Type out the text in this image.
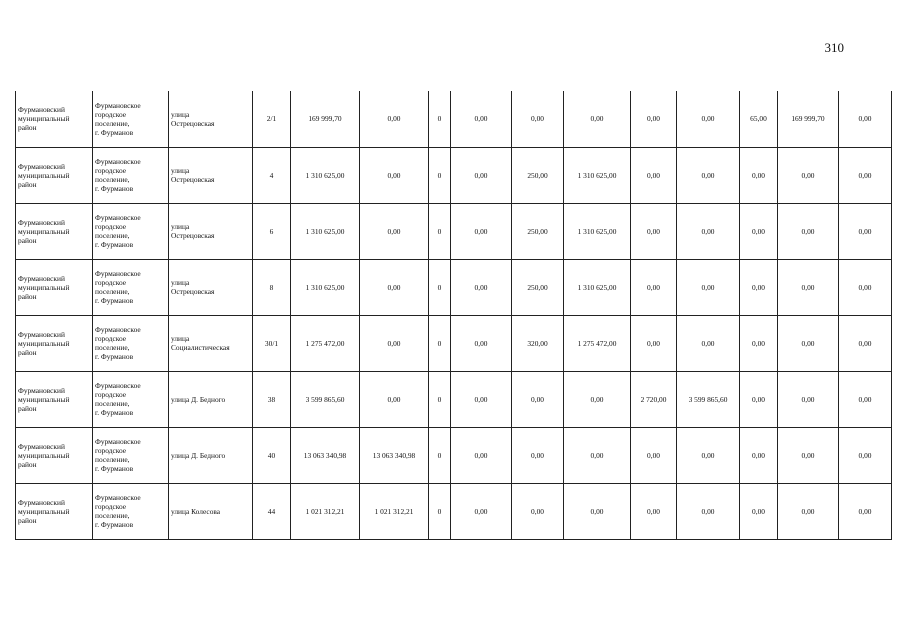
310
Фурмановский
муниципальный
район	Фурмановское
городское
поселение,
г. Фурманов	улица
Острецовская	2/1	169 999,70	0,00	0	0,00	0,00	0,00	0,00	0,00	65,00	169 999,70	0,00

Фурмановский
муниципальный
район	Фурмановское
городское
поселение,
г. Фурманов	улица
Острецовская	4	1 310 625,00	0,00	0	0,00	250,00	1 310 625,00	0,00	0,00	0,00	0,00	0,00

Фурмановский
муниципальный
район	Фурмановское
городское
поселение,
г. Фурманов	улица
Острецовская	6	1 310 625,00	0,00	0	0,00	250,00	1 310 625,00	0,00	0,00	0,00	0,00	0,00

Фурмановский
муниципальный
район	Фурмановское
городское
поселение,
г. Фурманов	улица
Острецовская	8	1 310 625,00	0,00	0	0,00	250,00	1 310 625,00	0,00	0,00	0,00	0,00	0,00

Фурмановский
муниципальный
район	Фурмановское
городское
поселение,
г. Фурманов	улица
Социалистическая	30/1	1 275 472,00	0,00	0	0,00	320,00	1 275 472,00	0,00	0,00	0,00	0,00	0,00

Фурмановский
муниципальный
район	Фурмановское
городское
поселение,
г. Фурманов	улица Д. Бедного	38	3 599 865,60	0,00	0	0,00	0,00	0,00	2 720,00	3 599 865,60	0,00	0,00	0,00

Фурмановский
муниципальный
район	Фурмановское
городское
поселение,
г. Фурманов	улица Д. Бедного	40	13 063 340,98	13 063 340,98	0	0,00	0,00	0,00	0,00	0,00	0,00	0,00	0,00

Фурмановский
муниципальный
район	Фурмановское
городское
поселение,
г. Фурманов	улица Колесова	44	1 021 312,21	1 021 312,21	0	0,00	0,00	0,00	0,00	0,00	0,00	0,00	0,00
